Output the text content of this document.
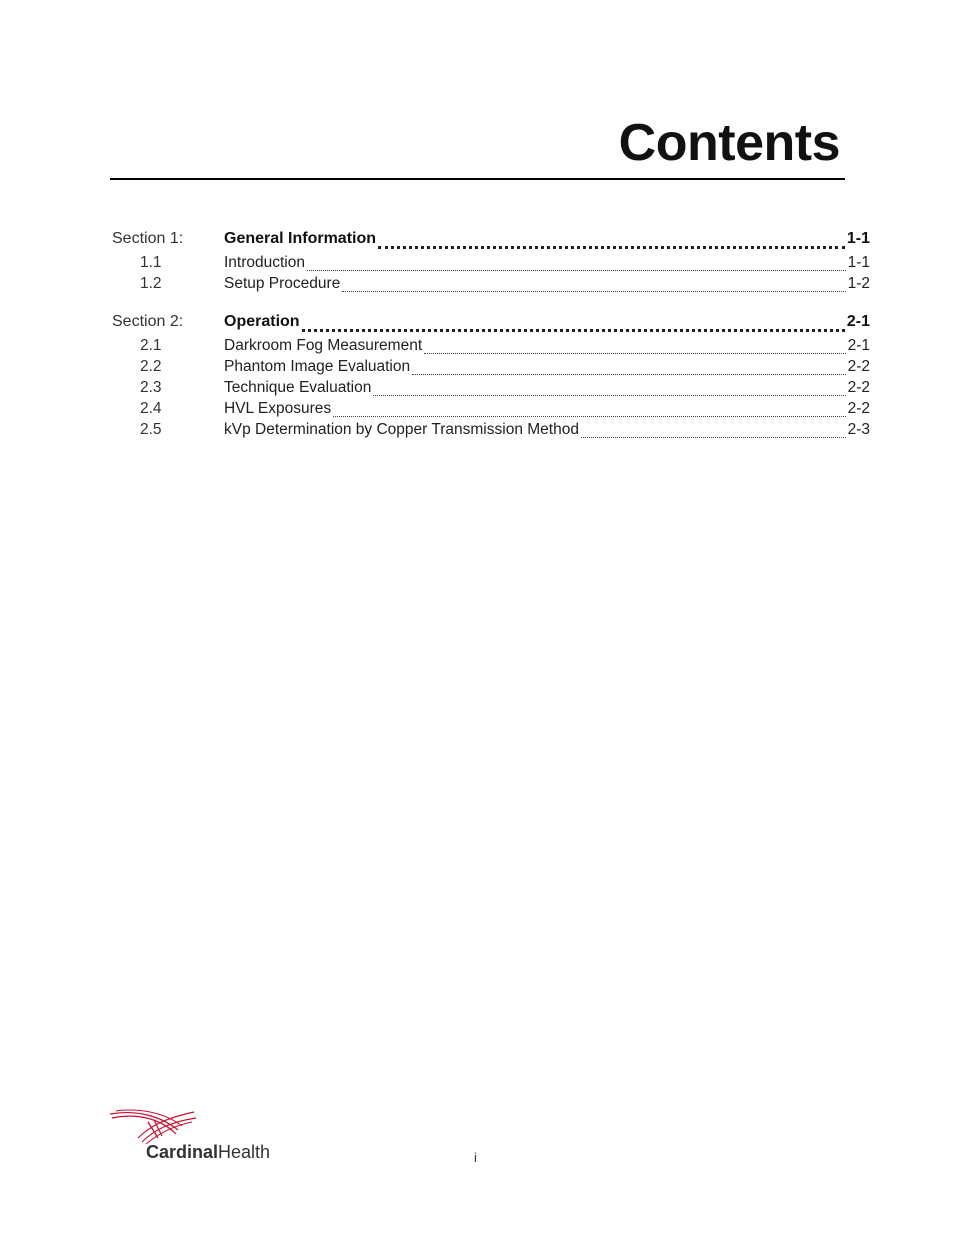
Contents
Section 1:	General Information	1-1
1.1	Introduction	1-1
1.2	Setup Procedure	1-2
Section 2:	Operation	2-1
2.1	Darkroom Fog Measurement	2-1
2.2	Phantom Image Evaluation	2-2
2.3	Technique Evaluation	2-2
2.4	HVL Exposures	2-2
2.5	kVp Determination by Copper Transmission Method	2-3
CardinalHealth	i
